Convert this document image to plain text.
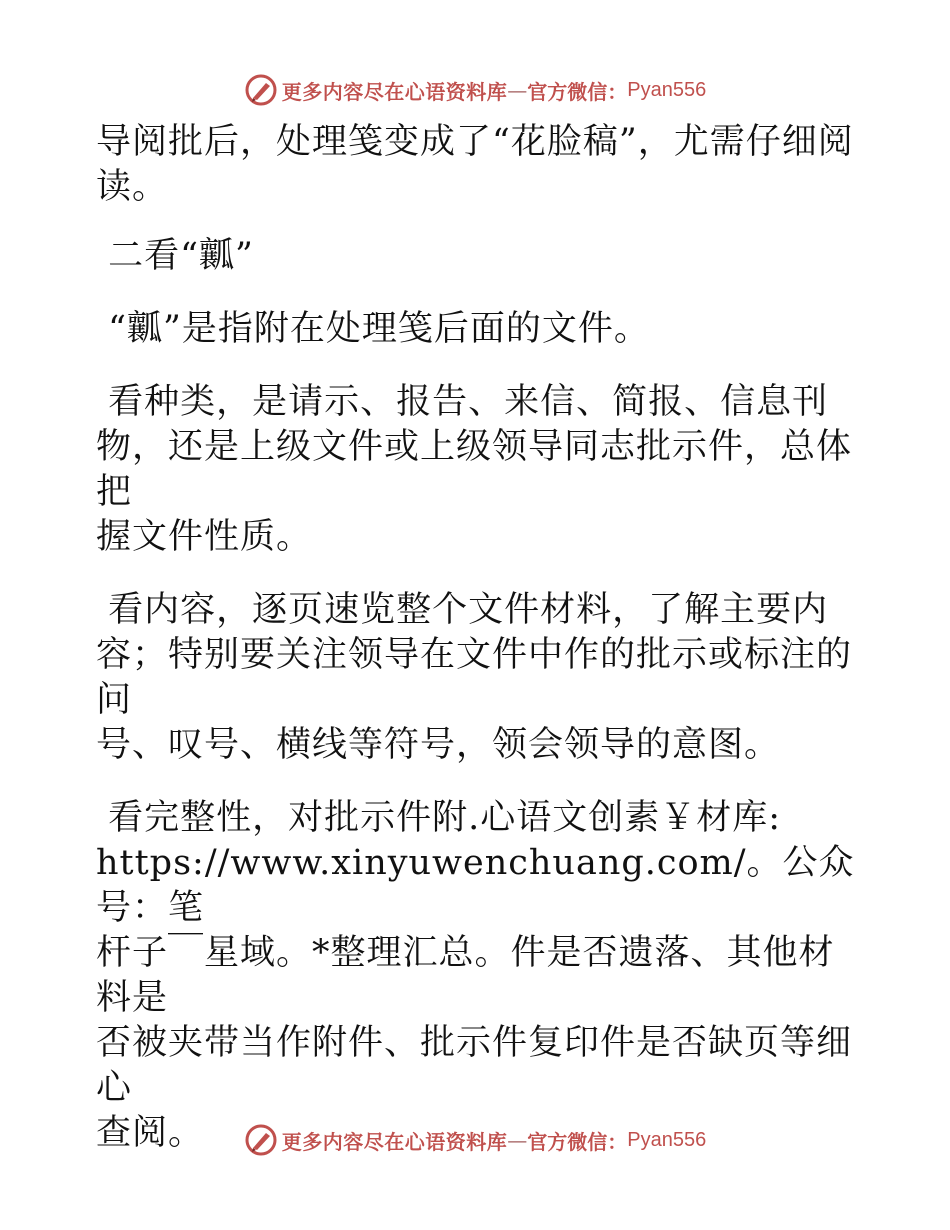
更多内容尽在心语资料库 — 官方微信： Pyan556

导阅批后，处理笺变成了“花脸稿”，尤需仔细阅
读。

二看“瓤”

“瓤”是指附在处理笺后面的文件。

看种类，是请示、报告、来信、简报、信息刊
物，还是上级文件或上级领导同志批示件，总体把
握文件性质。

看内容，逐页速览整个文件材料，了解主要内
容；特别要关注领导在文件中作的批示或标注的问
号、叹号、横线等符号，领会领导的意图。

看完整性，对批示件附.心语文创素￥材库:
https://www.xinyuwenchuang.com/。公众号：笔
杆子￣星域。*整理汇总。件是否遗落、其他材料是
否被夹带当作附件、批示件复印件是否缺页等细心
查阅。	更多内容尽在心语资料库 — 官方微信： Pyan556
